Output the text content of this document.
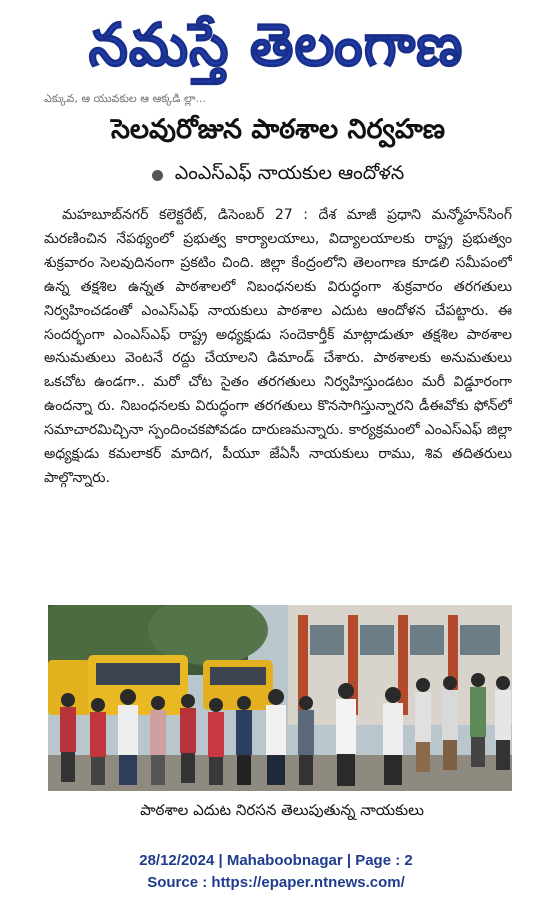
నమస్తే తెలంగాణ
ఎక్కువ, ఆ యువకుల ఆ ఆక్కడి ల్లా...
సెలవురోజున పాఠశాల నిర్వహణ
ఎంఎస్ఎఫ్ నాయకుల ఆందోళన
మహబూబ్‌నగర్ కలెక్టరేట్, డిసెంబర్ 27 : దేశ మాజీ ప్రధాని మన్మోహన్‌సింగ్ మరణించిన నేపథ్యంలో ప్రభుత్వ కార్యాలయాలు, విద్యాలయాలకు రాష్ట్ర ప్రభుత్వం శుక్రవారం సెలవుదినంగా ప్రకటిం చింది. జిల్లా కేంద్రంలోని తెలంగాణ కూడలి సమీపంలో ఉన్న తక్షశిల ఉన్నత పాఠశాలలో నిబంధనలకు విరుద్ధంగా శుక్రవారం తరగతులు నిర్వహించడంతో ఎంఎస్ఎఫ్ నాయకులు పాఠశాల ఎదుట ఆందోళన చేపట్టారు. ఈ సందర్భంగా ఎంఎస్ఎఫ్ రాష్ట్ర అధ్యక్షుడు సందెకార్తీక్ మాట్లాడుతూ తక్షశిల పాఠశాల అనుమతులు వెంటనే రద్దు చేయాలని డిమాండ్ చేశారు. పాఠశాలకు అనుమతులు ఒకచోట ఉండగా.. మరో చోట సైతం తరగతులు నిర్వహిస్తుండటం మరీ విడ్డూరంగా ఉందన్నా రు. నిబంధనలకు విరుద్ధంగా తరగతులు కొనసాగిస్తున్నారని డీఈవోకు ఫోన్‌లో సమాచారమిచ్చినా స్పందించకపోవడం దారుణమన్నారు. కార్యక్రమంలో ఎంఎస్ఎఫ్ జిల్లా అధ్యక్షుడు కమలాకర్ మాదిగ, పీయూ జేఏసీ నాయకులు రాము, శివ తదితరులు పాల్గొన్నారు.
పాఠశాల ఎదుట నిరసన తెలుపుతున్న నాయకులు
28/12/2024 | Mahaboobnagar | Page : 2
Source : https://epaper.ntnews.com/
